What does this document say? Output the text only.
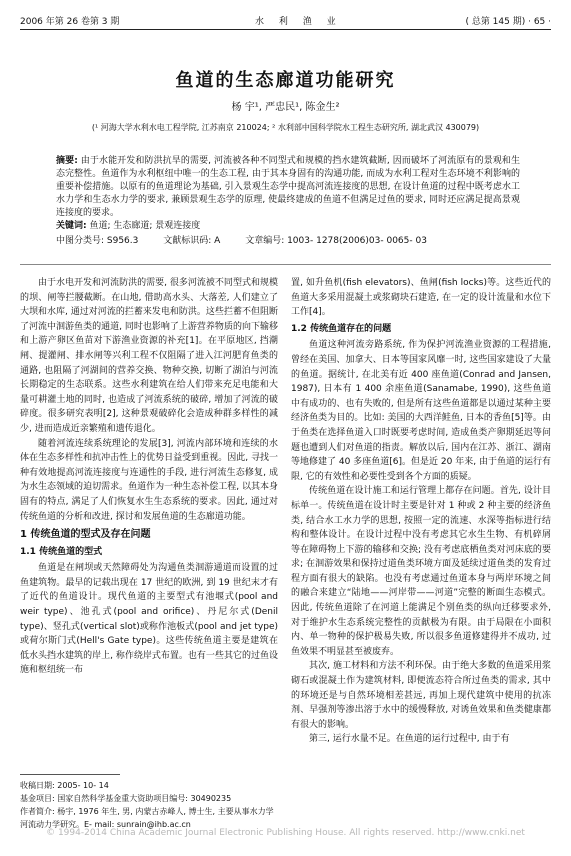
2006 年第 26 卷第 3 期	水 利 渔 业	( 总第 145 期) · 65 ·
鱼道的生态廊道功能研究
杨 宇¹, 严忠民¹, 陈金生²
(¹ 河海大学水利水电工程学院, 江苏南京 210024; ² 水利部中国科学院水工程生态研究所, 湖北武汉 430079)
摘要: 由于水能开发和防洪抗旱的需要, 河流被各种不同型式和规模的挡水建筑截断, 因而破坏了河流原有的景观和生态完整性。鱼道作为水利枢纽中唯一的生态工程, 由于其本身固有的沟通功能, 而成为水利工程对生态环境不利影响的重要补偿措施。以原有的鱼道理论为基础, 引入景观生态学中提高河流连接度的思想, 在设计鱼道的过程中既考虑水工水力学和生态水力学的要求, 兼顾景观生态学的原理, 使最终建成的鱼道不但满足过鱼的要求, 同时还应满足提高景观连接度的要求。
关键词: 鱼道; 生态廊道; 景观连接度
中图分类号: S956.3	文献标识码: A	文章编号: 1003- 1278(2006)03- 0065- 03

由于水电开发和河流防洪的需要, 很多河流被不同型式和规模的坝、闸等拦腰截断。在山地, 借助高水头、大落差, 人们建立了大坝和水库, 通过对河流的拦蓄来发电和防洪。这些拦蓄不但阻断了河流中洄游鱼类的通道, 同时也影响了上游营养物质的向下输移和上游产卵区鱼苗对下游渔业资源的补充[1]。在平原地区, 挡潮闸、提灌闸、排水闸等兴利工程不仅阻隔了进入江河肥育鱼类的通路, 也阻隔了河湖间的营养交换、物种交换, 切断了湖泊与河流长期稳定的生态联系。这些水利建筑在给人们带来充足电能和大量可耕灌土地的同时, 也造成了河流系统的破碎, 增加了河流的破碎度。很多研究表明[2], 这种景观破碎化会造成种群多样性的减少, 进而造成近亲繁殖和遗传退化。

随着河流连续系统理论的发展[3], 河流内部环境和连续的水体在生态多样性和抗冲击性上的优势日益受到重视。因此, 寻找一种有效地提高河流连接度与连通性的手段, 进行河流生态修复, 成为水生态领域的迫切需求。鱼道作为一种生态补偿工程, 以其本身固有的特点, 满足了人们恢复水生生态系统的要求。因此, 通过对传统鱼道的分析和改进, 探讨和发展鱼道的生态廊道功能。

1 传统鱼道的型式及存在问题
1.1 传统鱼道的型式

鱼道是在闸坝或天然障碍处为沟通鱼类洄游通道而设置的过鱼建筑物。最早的记载出现在 17 世纪的欧洲, 到 19 世纪末才有了近代的鱼道设计。现代鱼道的主要型式有池堰式(pool and weir type)、池孔式(pool and orifice)、丹尼尔式(Denil type)、竖孔式(vertical slot)或称作池板式(pool and jet type)或荷尔斯门式(Hell's Gate type)。这些传统鱼道主要是建筑在低水头挡水建筑的岸上, 称作绕岸式布置。也有一些其它的过鱼设施和枢纽统一布

置, 如升鱼机(fish elevators)、鱼闸(fish locks)等。这些近代的鱼道大多采用混凝土或浆砌块石建造, 在一定的设计流量和水位下工作[4]。

1.2 传统鱼道存在的问题

鱼道这种河流旁路系统, 作为保护河流渔业资源的工程措施, 曾经在美国、加拿大、日本等国家风靡一时, 这些国家建设了大量的鱼道。据统计, 在北美有近 400 座鱼道(Conrad and Jansen, 1987), 日本有 1 400 余座鱼道(Sanamabe, 1990), 这些鱼道中有成功的、也有失败的, 但是所有这些鱼道都是以通过某种主要经济鱼类为目的。比如: 美国的大西洋鲑鱼, 日本的香鱼[5]等。由于鱼类在选择鱼道入口时既要考虑时间, 造成鱼类产卵期延迟等问题也遭到人们对鱼道的指责。解放以后, 国内在江苏、浙江、湖南等地修建了 40 多座鱼道[6]。但是近 20 年来, 由于鱼道的运行有限, 它的有效性和必要性受到各个方面的质疑。

传统鱼道在设计施工和运行管理上都存在问题。首先, 设计目标单一。传统鱼道在设计时主要是针对 1 种或 2 种主要的经济鱼类, 结合水工水力学的思想, 按照一定的流速、水深等指标进行结构和整体设计。在设计过程中没有考虑其它水生生物、有机碎屑等在障碍物上下游的输移和交换; 没有考虑底栖鱼类对河床底的要求; 在洄游效果和保持过道鱼类环境方面及延续过道鱼类的发育过程方面有很大的缺陷。也没有考虑通过鱼道本身与两岸环境之间的融合来建立“陆地——河岸带——河道”完整的断面生态模式。因此, 传统鱼道除了在河道上能满足个别鱼类的纵向迁移要求外, 对于维护水生态系统完整性的贡献极为有限。由于局限在小面积内、单一物种的保护极易失败, 所以很多鱼道修建得并不成功, 过鱼效果不明显甚至被废弃。

其次, 施工材料和方法不利环保。由于绝大多数的鱼道采用浆砌石或混凝土作为建筑材料, 即便流态符合所过鱼类的需求, 其中的环境还是与自然环境相差甚远, 再加上现代建筑中使用的抗冻剂、早强剂等渗出溶于水中的缓慢释放, 对诱鱼效果和鱼类健康都有很大的影响。

第三, 运行水量不足。在鱼道的运行过程中, 由于有

收稿日期: 2005- 10- 14
基金项目: 国家自然科学基金重大资助项目编号: 30490235
作者简介: 杨宇, 1976 年生, 男, 内蒙古赤峰人, 博士生, 主要从事水力学河流动力学研究。E- mail: sunrain@ihb.ac.cn
© 1994-2014 China Academic Journal Electronic Publishing House. All rights reserved. http://www.cnki.net
